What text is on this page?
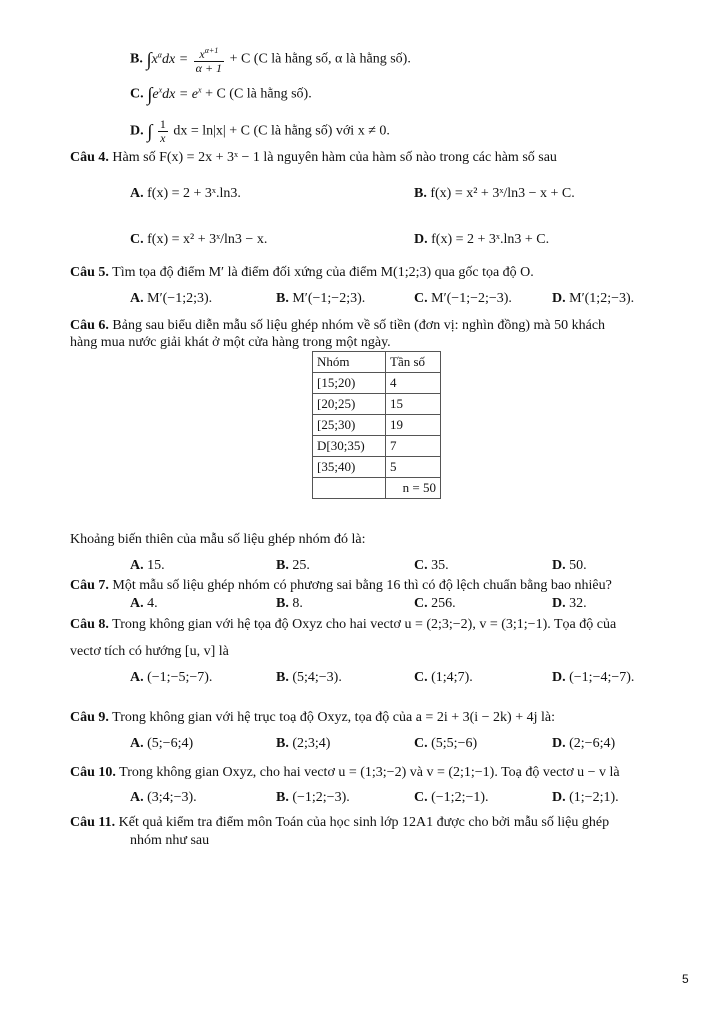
B. $\int x^\alpha dx = \frac{x^{\alpha+1}}{\alpha + 1} + C$ (C là hằng số, α là hằng số).
C. $\int e^xdx = e^x + C$ (C là hằng số).
D. ∫ $\frac{1}{x}$ dx = ln|x| + C (C là hằng số) với x ≠ 0.
Câu 4. Hàm số F(x) = 2x + 3ˣ − 1 là nguyên hàm của hàm số nào trong các hàm số sau
A. f(x) = 2 + 3ˣ.ln3.	B. f(x) = x² + 3ˣ/ln3 − x + C.
C. f(x) = x² + 3ˣ/ln3 − x.	D. f(x) = 2 + 3ˣ.ln3 + C.
Câu 5. Tìm tọa độ điểm M′ là điểm đối xứng của điểm M(1;2;3) qua gốc tọa độ O.
A. M′(−1;2;3).	B. M′(−1;−2;3).	C. M′(−1;−2;−3).	D. M′(1;2;−3).
Câu 6. Bảng sau biểu diễn mẫu số liệu ghép nhóm về số tiền (đơn vị: nghìn đồng) mà 50 khách
hàng mua nước giải khát ở một cửa hàng trong một ngày.
Nhóm	Tần số
[15;20)	4
[20;25)	15
[25;30)	19
D[30;35)	7
[35;40)	5
	n = 50
Khoảng biến thiên của mẫu số liệu ghép nhóm đó là:
A. 15.	B. 25.	C. 35.	D. 50.
Câu 7. Một mẫu số liệu ghép nhóm có phương sai bằng 16 thì có độ lệch chuẩn bằng bao nhiêu?
A. 4.	B. 8.	C. 256.	D. 32.
Câu 8. Trong không gian với hệ tọa độ Oxyz cho hai vectơ u = (2;3;−2), v = (3;1;−1). Tọa độ của
vectơ tích có hướng [u, v] là
A. (−1;−5;−7).	B. (5;4;−3).	C. (1;4;7).	D. (−1;−4;−7).
Câu 9. Trong không gian với hệ trục toạ độ Oxyz, tọa độ của a = 2i + 3(i − 2k) + 4j là:
A. (5;−6;4)	B. (2;3;4)	C. (5;5;−6)	D. (2;−6;4)
Câu 10. Trong không gian Oxyz, cho hai vectơ u = (1;3;−2) và v = (2;1;−1). Toạ độ vectơ u − v là
A. (3;4;−3).	B. (−1;2;−3).	C. (−1;2;−1).	D. (1;−2;1).
Câu 11. Kết quả kiểm tra điểm môn Toán của học sinh lớp 12A1 được cho bởi mẫu số liệu ghép
nhóm như sau
5
